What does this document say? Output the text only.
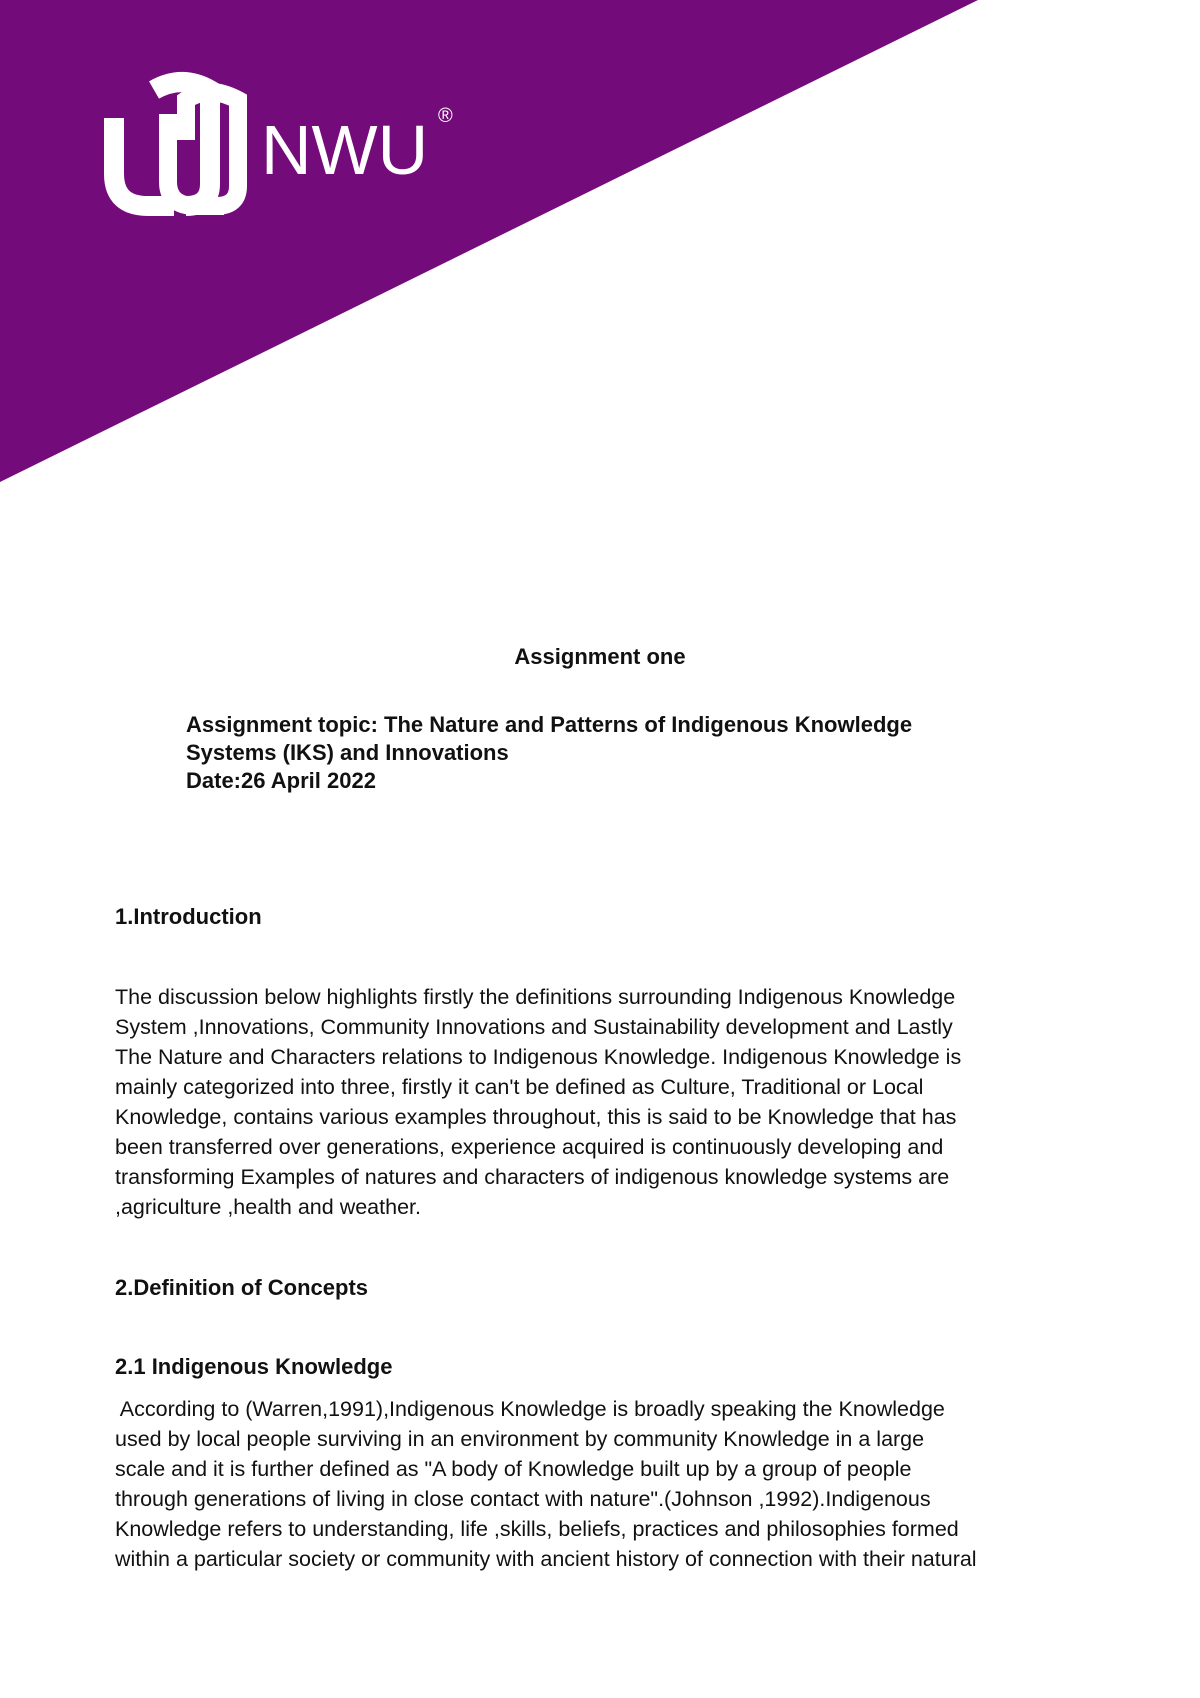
NWU ®
Assignment one
Assignment topic: The Nature and Patterns of Indigenous Knowledge
Systems (IKS) and Innovations
Date:26 April 2022
1.Introduction
The discussion below highlights firstly the definitions surrounding Indigenous Knowledge
System ,Innovations, Community Innovations and Sustainability development and Lastly
The Nature and Characters relations to Indigenous Knowledge. Indigenous Knowledge is
mainly categorized into three, firstly it can't be defined as Culture, Traditional or Local
Knowledge, contains various examples throughout, this is said to be Knowledge that has
been transferred over generations, experience acquired is continuously developing and
transforming Examples of natures and characters of indigenous knowledge systems are
,agriculture ,health and weather.
2.Definition of Concepts
2.1 Indigenous Knowledge
According to (Warren,1991),Indigenous Knowledge is broadly speaking the Knowledge
used by local people surviving in an environment by community Knowledge in a large
scale and it is further defined as "A body of Knowledge built up by a group of people
through generations of living in close contact with nature".(Johnson ,1992).Indigenous
Knowledge refers to understanding, life ,skills, beliefs, practices and philosophies formed
within a particular society or community with ancient history of connection with their natural
